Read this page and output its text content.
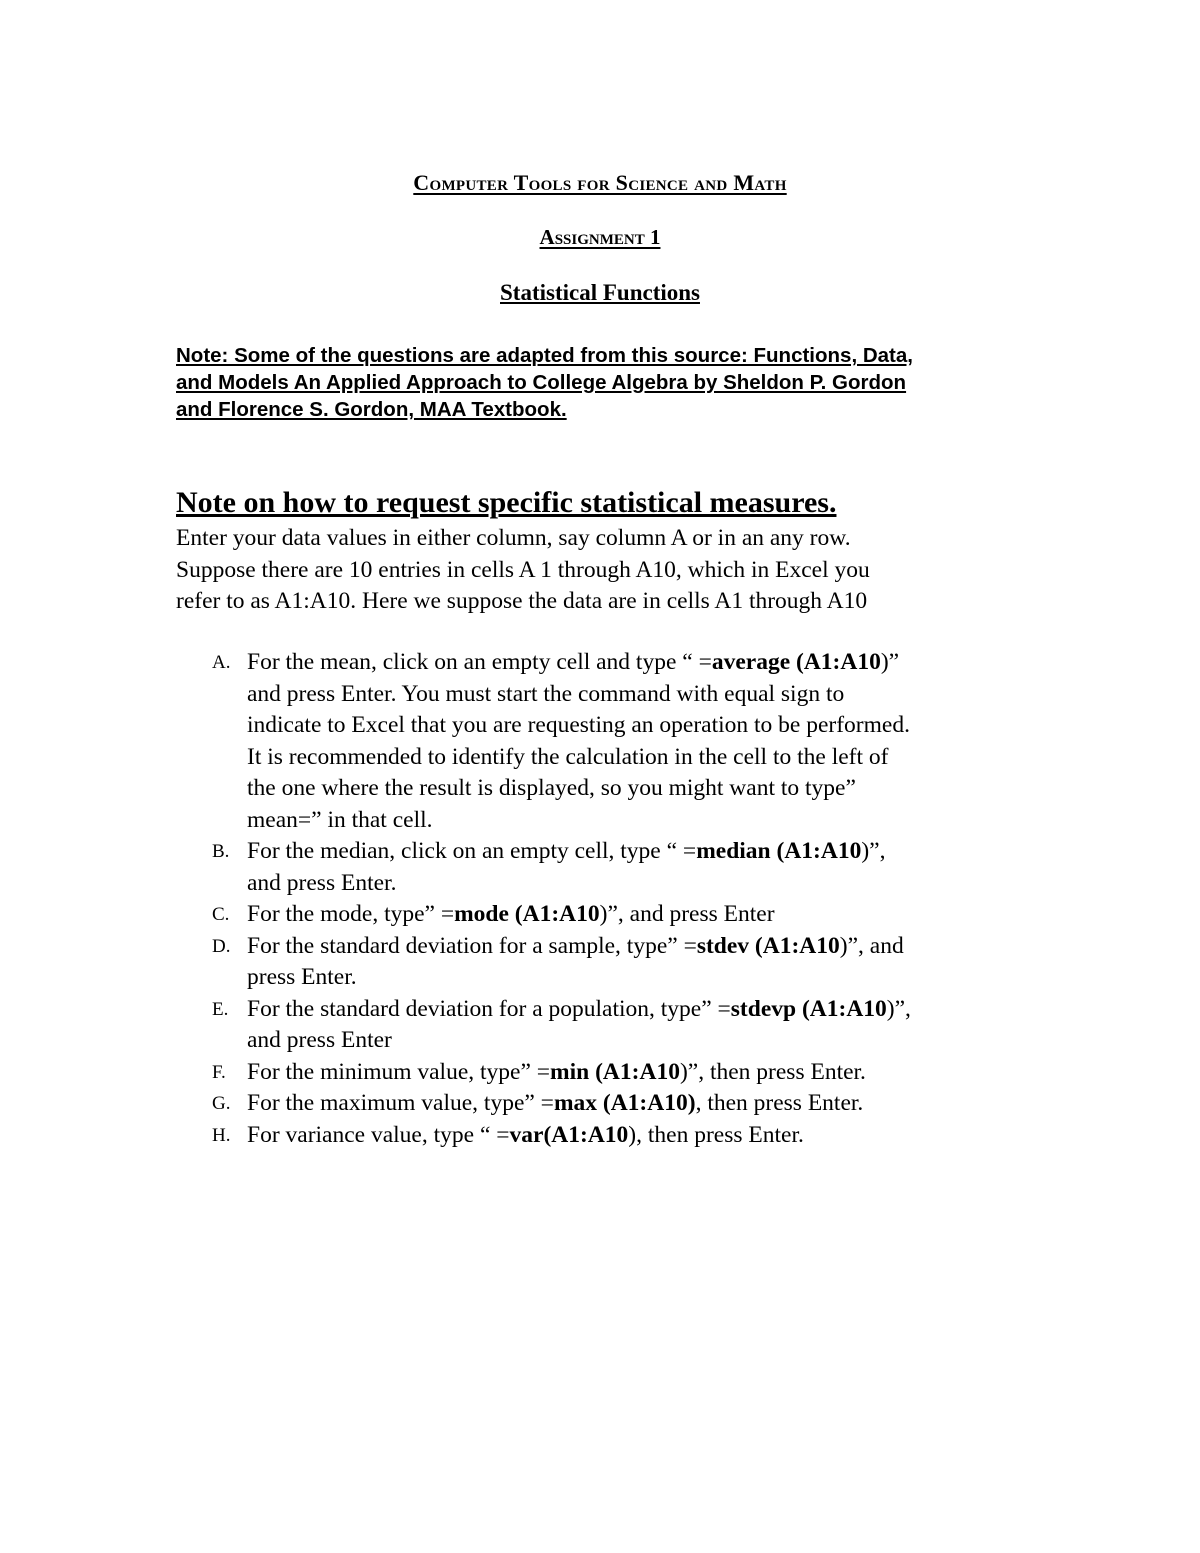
Computer Tools for Science and Math
Assignment 1
Statistical Functions

Note: Some of the questions are adapted from this source: Functions, Data,
and Models An Applied Approach to College Algebra by Sheldon P. Gordon
and Florence S. Gordon, MAA Textbook.

Note on how to request specific statistical measures.

Enter your data values in either column, say column A or in an any row.
Suppose there are 10 entries in cells A 1 through A10, which in Excel you
refer to as A1:A10. Here we suppose the data are in cells A1 through A10

A. For the mean, click on an empty cell and type “ =average (A1:A10)”
and press Enter. You must start the command with equal sign to
indicate to Excel that you are requesting an operation to be performed.
It is recommended to identify the calculation in the cell to the left of
the one where the result is displayed, so you might want to type”
mean=” in that cell.
B. For the median, click on an empty cell, type “ =median (A1:A10)”,
and press Enter.
C. For the mode, type” =mode (A1:A10)”, and press Enter
D. For the standard deviation for a sample, type” =stdev (A1:A10)”, and
press Enter.
E. For the standard deviation for a population, type” =stdevp (A1:A10)”,
and press Enter
F. For the minimum value, type” =min (A1:A10)”, then press Enter.
G. For the maximum value, type” =max (A1:A10), then press Enter.
H. For variance value, type “ =var(A1:A10), then press Enter.
